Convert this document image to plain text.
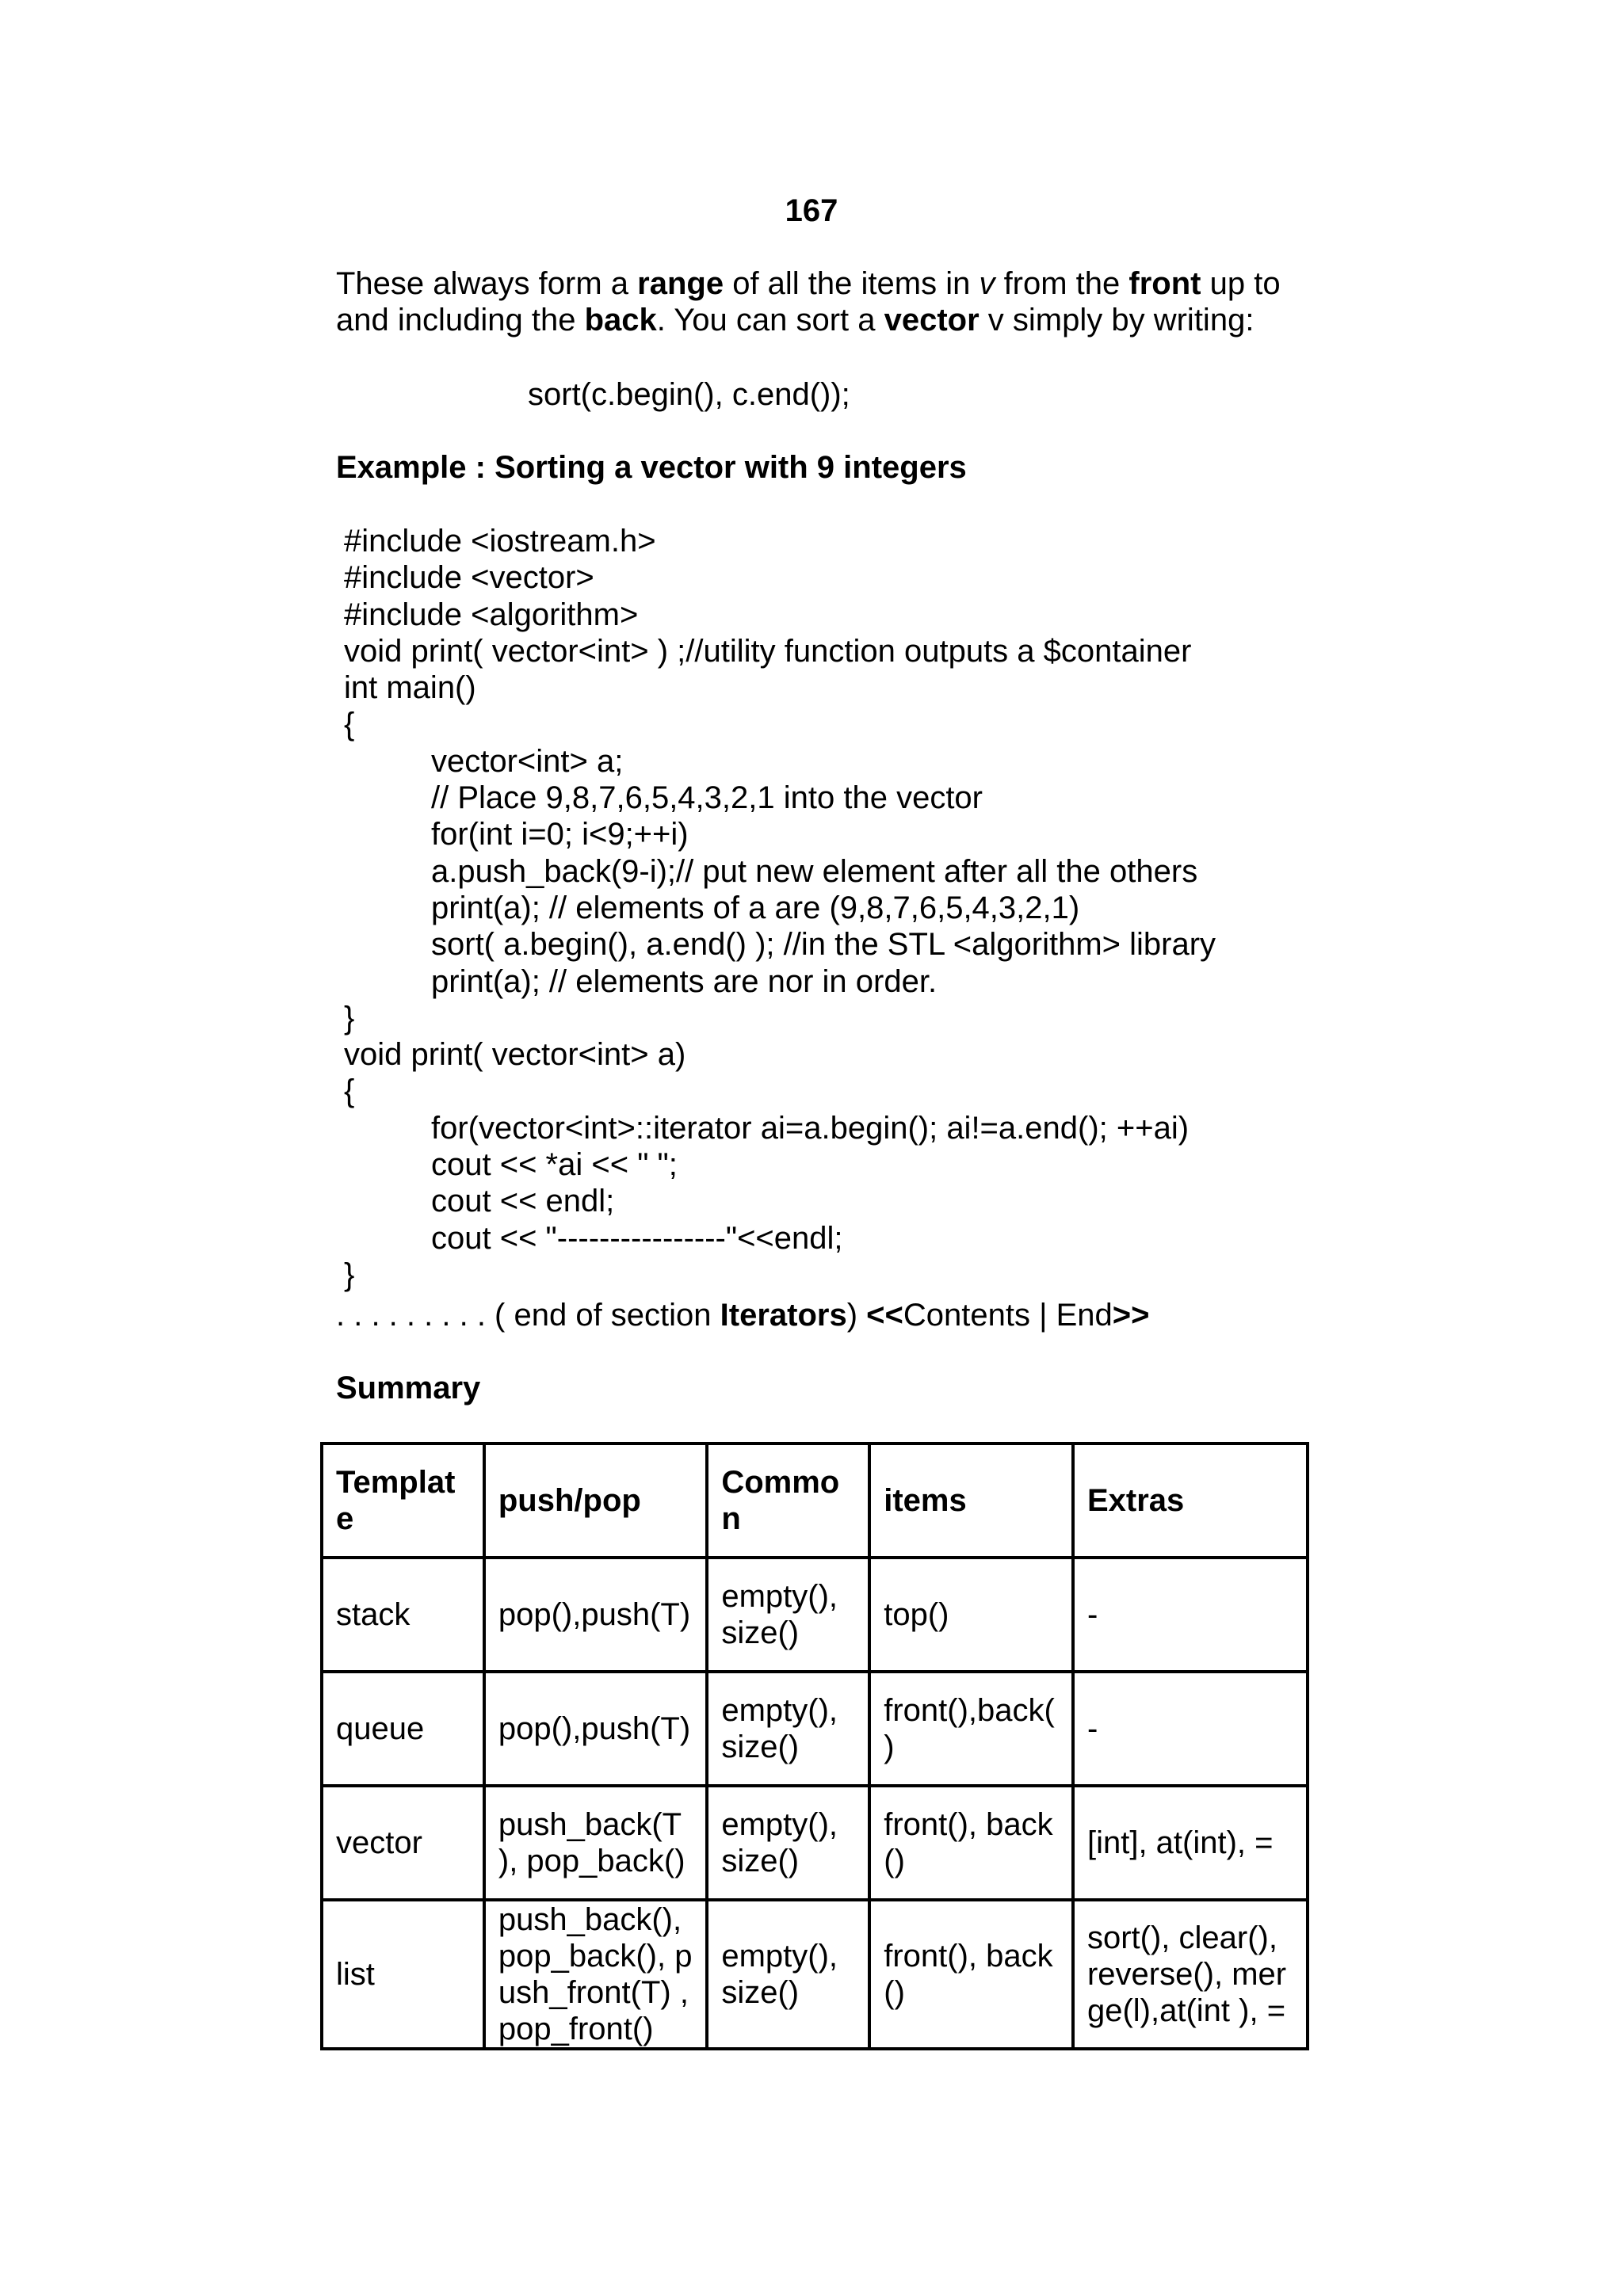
167

These always form a range of all the items in v from the front up to

and including the back. You can sort a vector v simply by writing:

sort(c.begin(), c.end());
Example : Sorting a vector with 9 integers
#include <iostream.h>
#include <vector>
#include <algorithm>
void print( vector<int> ) ;//utility function outputs a $container
int main()
{
vector<int> a;
// Place 9,8,7,6,5,4,3,2,1 into the vector
for(int i=0; i<9;++i)
a.push_back(9-i);// put new element after all the others
print(a); // elements of a are (9,8,7,6,5,4,3,2,1)
sort( a.begin(), a.end() ); //in the STL <algorithm> library
print(a); // elements are nor in order.
}
void print( vector<int> a)
{
for(vector<int>::iterator ai=a.begin(); ai!=a.end(); ++ai)
cout << *ai << " ";
cout << endl;
cout << "----------------"<<endl;
}
. . . . . . . . . ( end of section Iterators) <<Contents | End>>
Summary
Templat e	push/pop	Commo n	items	Extras
stack	pop(),push(T)	empty(), size()	top()	-
queue	pop(),push(T)	empty(), size()	front(),back( )	-
vector	push_back(T ), pop_back()	empty(), size()	front(), back()	[int], at(int), =
list	push_back(), pop_back(), push_front(T) , pop_front()	empty(), size()	front(), back()	sort(), clear(), reverse(), merge(l),at(int ), =
